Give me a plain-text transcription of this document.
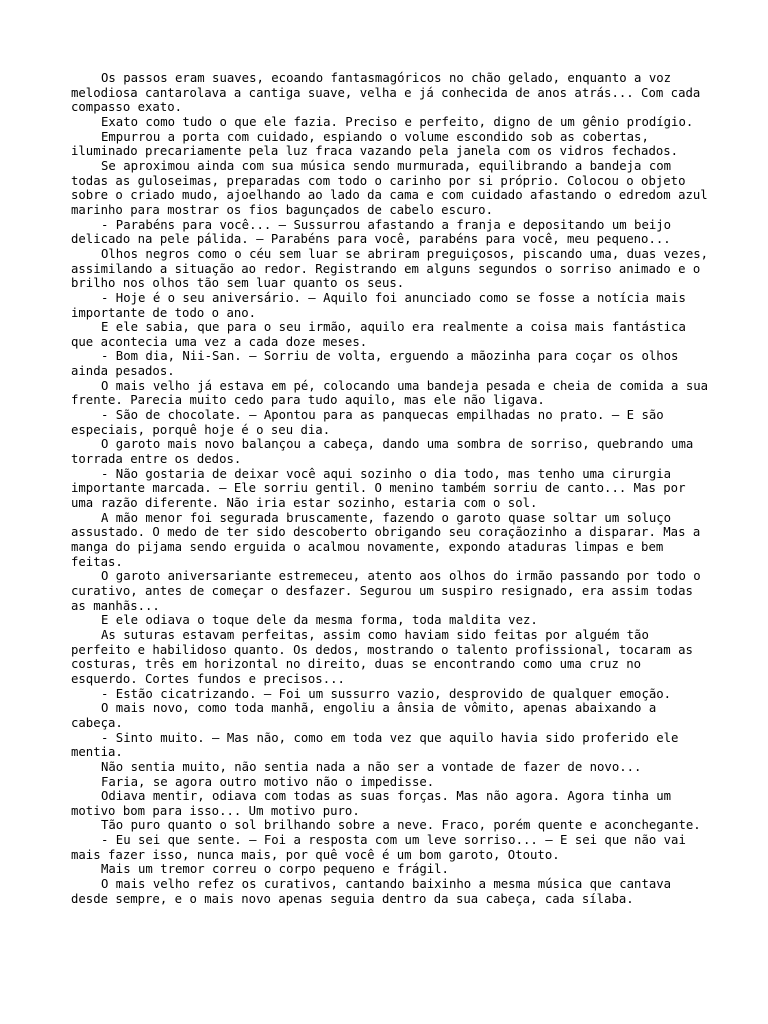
Os passos eram suaves, ecoando fantasmagóricos no chão gelado, enquanto a voz melodiosa cantarolava a cantiga suave, velha e já conhecida de anos atrás... Com cada compasso exato.

Exato como tudo o que ele fazia. Preciso e perfeito, digno de um gênio prodígio.

Empurrou a porta com cuidado, espiando o volume escondido sob as cobertas, iluminado precariamente pela luz fraca vazando pela janela com os vidros fechados.

Se aproximou ainda com sua música sendo murmurada, equilibrando a bandeja com todas as guloseimas, preparadas com todo o carinho por si próprio. Colocou o objeto sobre o criado mudo, ajoelhando ao lado da cama e com cuidado afastando o edredom azul marinho para mostrar os fios bagunçados de cabelo escuro.

- Parabéns para você... — Sussurrou afastando a franja e depositando um beijo delicado na pele pálida. — Parabéns para você, parabéns para você, meu pequeno...

Olhos negros como o céu sem luar se abriram preguiçosos, piscando uma, duas vezes, assimilando a situação ao redor. Registrando em alguns segundos o sorriso animado e o brilho nos olhos tão sem luar quanto os seus.

- Hoje é o seu aniversário. — Aquilo foi anunciado como se fosse a notícia mais importante de todo o ano.

E ele sabia, que para o seu irmão, aquilo era realmente a coisa mais fantástica que acontecia uma vez a cada doze meses.

- Bom dia, Nii-San. — Sorriu de volta, erguendo a mãozinha para coçar os olhos ainda pesados.

O mais velho já estava em pé, colocando uma bandeja pesada e cheia de comida a sua frente. Parecia muito cedo para tudo aquilo, mas ele não ligava.

- São de chocolate. — Apontou para as panquecas empilhadas no prato. — E são especiais, porquê hoje é o seu dia.

O garoto mais novo balançou a cabeça, dando uma sombra de sorriso, quebrando uma torrada entre os dedos.

- Não gostaria de deixar você aqui sozinho o dia todo, mas tenho uma cirurgia importante marcada. — Ele sorriu gentil. O menino também sorriu de canto... Mas por uma razão diferente. Não iria estar sozinho, estaria com o sol.

A mão menor foi segurada bruscamente, fazendo o garoto quase soltar um soluço assustado. O medo de ter sido descoberto obrigando seu coraçãozinho a disparar. Mas a manga do pijama sendo erguida o acalmou novamente, expondo ataduras limpas e bem feitas.

O garoto aniversariante estremeceu, atento aos olhos do irmão passando por todo o curativo, antes de começar o desfazer. Segurou um suspiro resignado, era assim todas as manhãs...

E ele odiava o toque dele da mesma forma, toda maldita vez.

As suturas estavam perfeitas, assim como haviam sido feitas por alguém tão perfeito e habilidoso quanto. Os dedos, mostrando o talento profissional, tocaram as costuras, três em horizontal no direito, duas se encontrando como uma cruz no esquerdo. Cortes fundos e precisos...

- Estão cicatrizando. — Foi um sussurro vazio, desprovido de qualquer emoção.

O mais novo, como toda manhã, engoliu a ânsia de vômito, apenas abaixando a cabeça.

- Sinto muito. — Mas não, como em toda vez que aquilo havia sido proferido ele mentia.

Não sentia muito, não sentia nada a não ser a vontade de fazer de novo...

Faria, se agora outro motivo não o impedisse.

Odiava mentir, odiava com todas as suas forças. Mas não agora. Agora tinha um motivo bom para isso... Um motivo puro.

Tão puro quanto o sol brilhando sobre a neve. Fraco, porém quente e aconchegante.

- Eu sei que sente. — Foi a resposta com um leve sorriso... — E sei que não vai mais fazer isso, nunca mais, por quê você é um bom garoto, Otouto.

Mais um tremor correu o corpo pequeno e frágil.

O mais velho refez os curativos, cantando baixinho a mesma música que cantava desde sempre, e o mais novo apenas seguia dentro da sua cabeça, cada sílaba.
